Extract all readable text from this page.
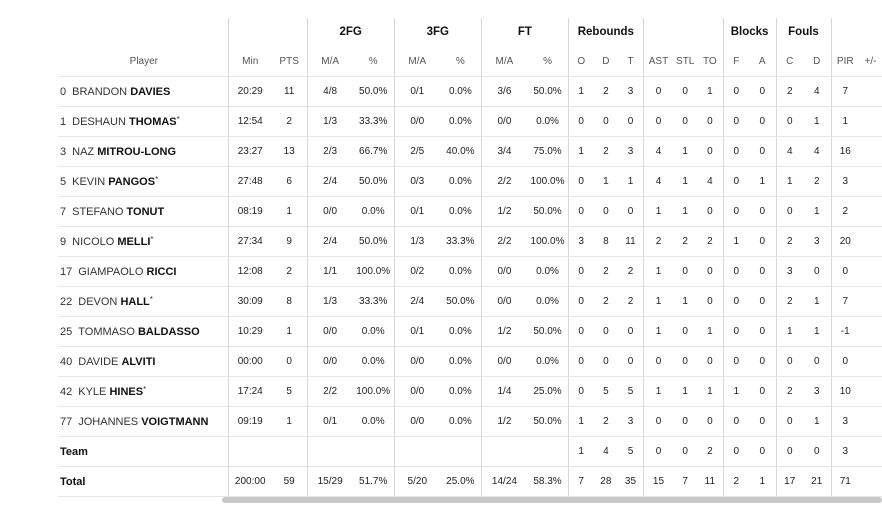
			2FG		3FG		FT		Rebounds						Blocks		Fouls			
Player	Min	PTS	M/A	%	M/A	%	M/A	%	O	D	T	AST	STL	TO	F	A	C	D	PIR	+/-
0 BRANDON DAVIES	20:29	11	4/8	50.0%	0/1	0.0%	3/6	50.0%	1	2	3	0	0	1	0	0	2	4	7	
1 DESHAUN THOMAS*	12:54	2	1/3	33.3%	0/0	0.0%	0/0	0.0%	0	0	0	0	0	0	0	0	0	1	1	
3 NAZ MITROU-LONG	23:27	13	2/3	66.7%	2/5	40.0%	3/4	75.0%	1	2	3	4	1	0	0	0	4	4	16	
5 KEVIN PANGOS*	27:48	6	2/4	50.0%	0/3	0.0%	2/2	100.0%	0	1	1	4	1	4	0	1	1	2	3	
7 STEFANO TONUT	08:19	1	0/0	0.0%	0/1	0.0%	1/2	50.0%	0	0	0	1	1	0	0	0	0	1	2	
9 NICOLO MELLI*	27:34	9	2/4	50.0%	1/3	33.3%	2/2	100.0%	3	8	11	2	2	2	1	0	2	3	20	
17 GIAMPAOLO RICCI	12:08	2	1/1	100.0%	0/2	0.0%	0/0	0.0%	0	2	2	1	0	0	0	0	3	0	0	
22 DEVON HALL*	30:09	8	1/3	33.3%	2/4	50.0%	0/0	0.0%	0	2	2	1	1	0	0	0	2	1	7	
25 TOMMASO BALDASSO	10:29	1	0/0	0.0%	0/1	0.0%	1/2	50.0%	0	0	0	1	0	1	0	0	1	1	-1	
40 DAVIDE ALVITI	00:00	0	0/0	0.0%	0/0	0.0%	0/0	0.0%	0	0	0	0	0	0	0	0	0	0	0	
42 KYLE HINES*	17:24	5	2/2	100.0%	0/0	0.0%	1/4	25.0%	0	5	5	1	1	1	1	0	2	3	10	
77 JOHANNES VOIGTMANN	09:19	1	0/1	0.0%	0/0	0.0%	1/2	50.0%	1	2	3	0	0	0	0	0	0	1	3	
Team									1	4	5	0	0	2	0	0	0	0	3	
Total	200:00	59	15/29	51.7%	5/20	25.0%	14/24	58.3%	7	28	35	15	7	11	2	1	17	21	71	
